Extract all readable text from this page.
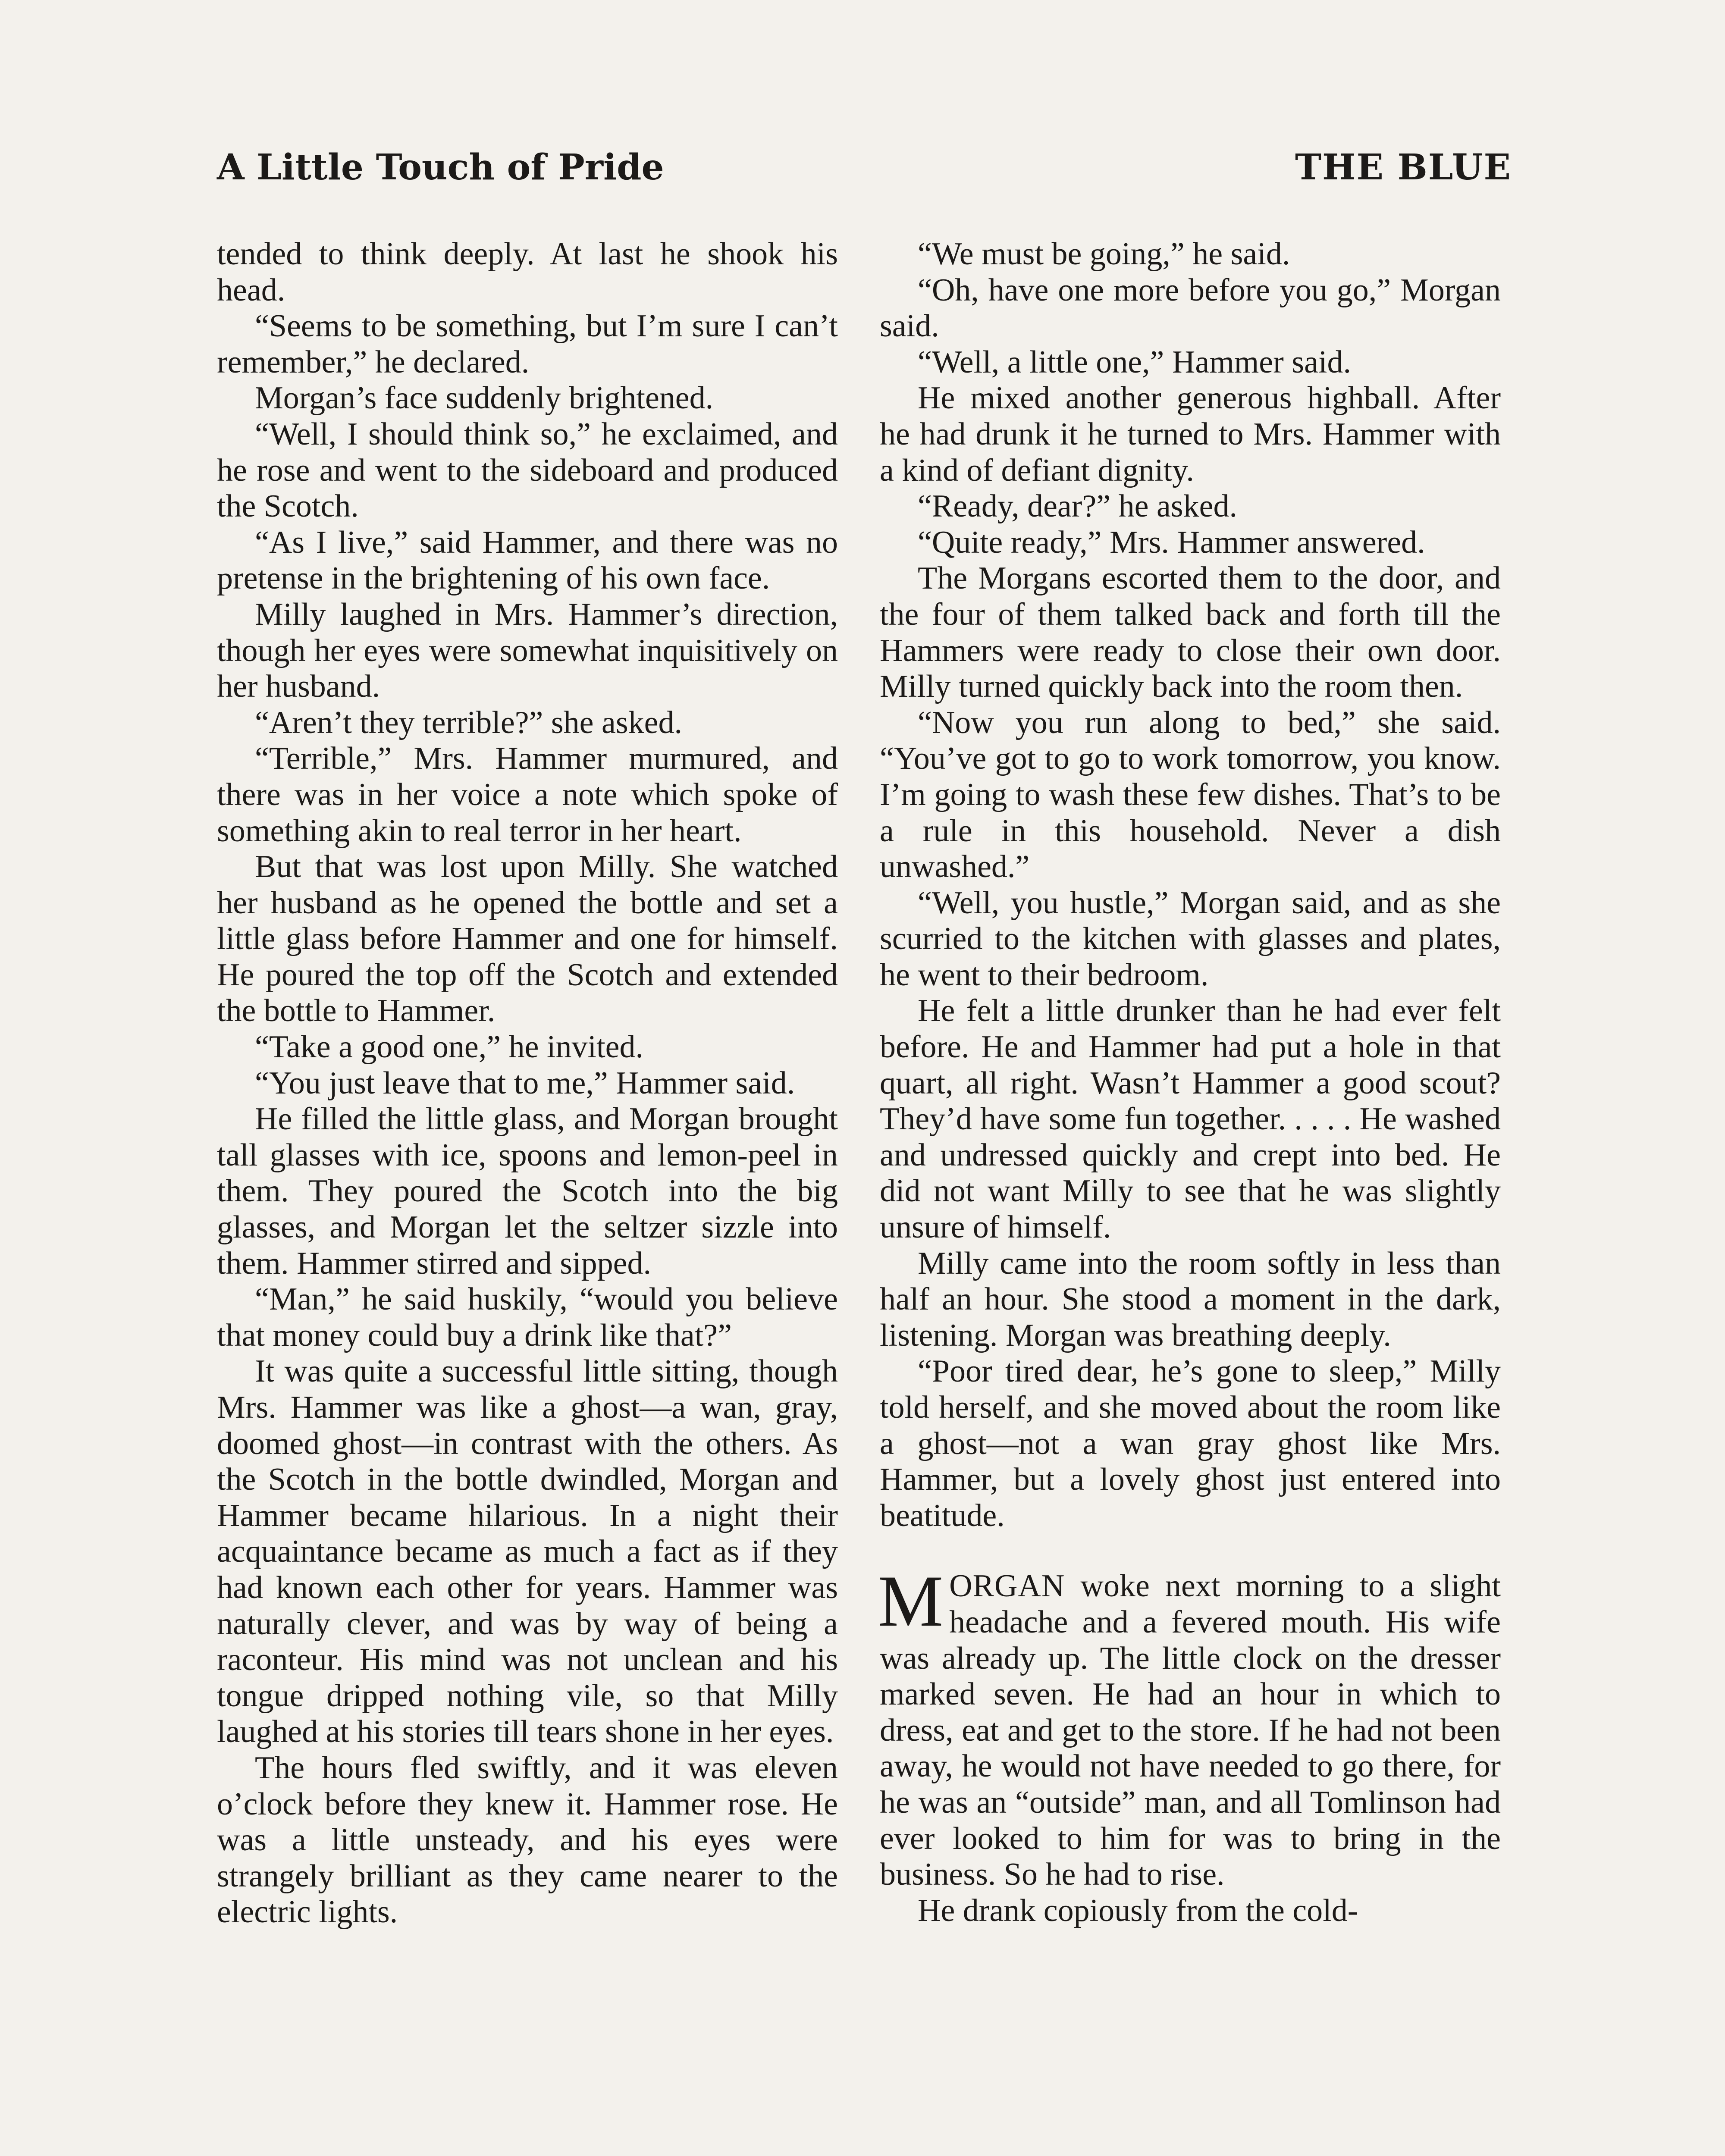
A Little Touch of Pride	THE BLUE

tended to think deeply. At last he shook his head.

“Seems to be something, but I’m sure I can’t remember,” he declared.

Morgan’s face suddenly brightened.

“Well, I should think so,” he exclaimed, and he rose and went to the sideboard and produced the Scotch.

“As I live,” said Hammer, and there was no pretense in the brightening of his own face.

Milly laughed in Mrs. Hammer’s direction, though her eyes were somewhat inquisitively on her husband.

“Aren’t they terrible?” she asked.

“Terrible,” Mrs. Hammer murmured, and there was in her voice a note which spoke of something akin to real terror in her heart.

But that was lost upon Milly. She watched her husband as he opened the bottle and set a little glass before Hammer and one for himself. He poured the top off the Scotch and extended the bottle to Hammer.

“Take a good one,” he invited.

“You just leave that to me,” Hammer said.

He filled the little glass, and Morgan brought tall glasses with ice, spoons and lemon-peel in them. They poured the Scotch into the big glasses, and Morgan let the seltzer sizzle into them. Hammer stirred and sipped.

“Man,” he said huskily, “would you believe that money could buy a drink like that?”

It was quite a successful little sitting, though Mrs. Hammer was like a ghost—a wan, gray, doomed ghost—in contrast with the others. As the Scotch in the bottle dwindled, Morgan and Hammer became hilarious. In a night their acquaintance became as much a fact as if they had known each other for years. Hammer was naturally clever, and was by way of being a raconteur. His mind was not unclean and his tongue dripped nothing vile, so that Milly laughed at his stories till tears shone in her eyes.

The hours fled swiftly, and it was eleven o’clock before they knew it. Hammer rose. He was a little unsteady, and his eyes were strangely brilliant as they came nearer to the electric lights.

“We must be going,” he said.

“Oh, have one more before you go,” Morgan said.

“Well, a little one,” Hammer said.

He mixed another generous highball. After he had drunk it he turned to Mrs. Hammer with a kind of defiant dignity.

“Ready, dear?” he asked.

“Quite ready,” Mrs. Hammer answered.

The Morgans escorted them to the door, and the four of them talked back and forth till the Hammers were ready to close their own door. Milly turned quickly back into the room then.

“Now you run along to bed,” she said. “You’ve got to go to work tomorrow, you know. I’m going to wash these few dishes. That’s to be a rule in this household. Never a dish unwashed.”

“Well, you hustle,” Morgan said, and as she scurried to the kitchen with glasses and plates, he went to their bedroom.

He felt a little drunker than he had ever felt before. He and Hammer had put a hole in that quart, all right. Wasn’t Hammer a good scout? They’d have some fun together. . . . . He washed and undressed quickly and crept into bed. He did not want Milly to see that he was slightly unsure of himself.

Milly came into the room softly in less than half an hour. She stood a moment in the dark, listening. Morgan was breathing deeply.

“Poor tired dear, he’s gone to sleep,” Milly told herself, and she moved about the room like a ghost—not a wan gray ghost like Mrs. Hammer, but a lovely ghost just entered into beatitude.

MORGAN woke next morning to a slight headache and a fevered mouth. His wife was already up. The little clock on the dresser marked seven. He had an hour in which to dress, eat and get to the store. If he had not been away, he would not have needed to go there, for he was an “outside” man, and all Tomlinson had ever looked to him for was to bring in the business. So he had to rise.

He drank copiously from the cold-
